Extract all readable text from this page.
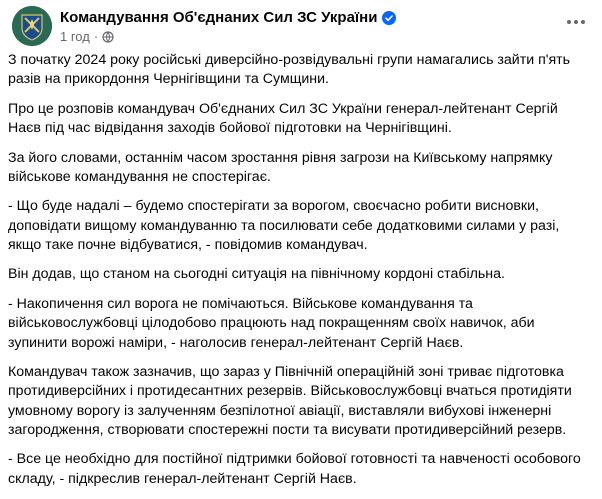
Командування Об'єднаних Сил ЗС України
1 год ·

З початку 2024 року російські диверсійно-розвідувальні групи намагались зайти п'ять разів на прикордоння Чернігівщини та Сумщини.

Про це розповів командувач Об'єднаних Сил ЗС України генерал-лейтенант Сергій Наєв під час відвідання заходів бойової підготовки на Чернігівщині.

За його словами, останнім часом зростання рівня загрози на Київському напрямку військове командування не спостерігає.

- Що буде надалі – будемо спостерігати за ворогом, своєчасно робити висновки, доповідати вищому командуванню та посилювати себе додатковими силами у разі, якщо таке почне відбуватися, - повідомив командувач.

Він додав, що станом на сьогодні ситуація на північному кордоні стабільна.

- Накопичення сил ворога не помічаються. Військове командування та військовослужбовці цілодобово працюють над покращенням своїх навичок, аби зупинити ворожі наміри, - наголосив генерал-лейтенант Сергій Наєв.

Командувач також зазначив, що зараз у Північній операційній зоні триває підготовка протидиверсійних і протидесантних резервів. Військовослужбовці вчаться протидіяти умовному ворогу із залученням безпілотної авіації, виставляли вибухові інженерні загородження, створювати спостережні пости та висувати протидиверсійний резерв.

- Все це необхідно для постійної підтримки бойової готовності та навченості особового складу, - підкреслив генерал-лейтенант Сергій Наєв.
